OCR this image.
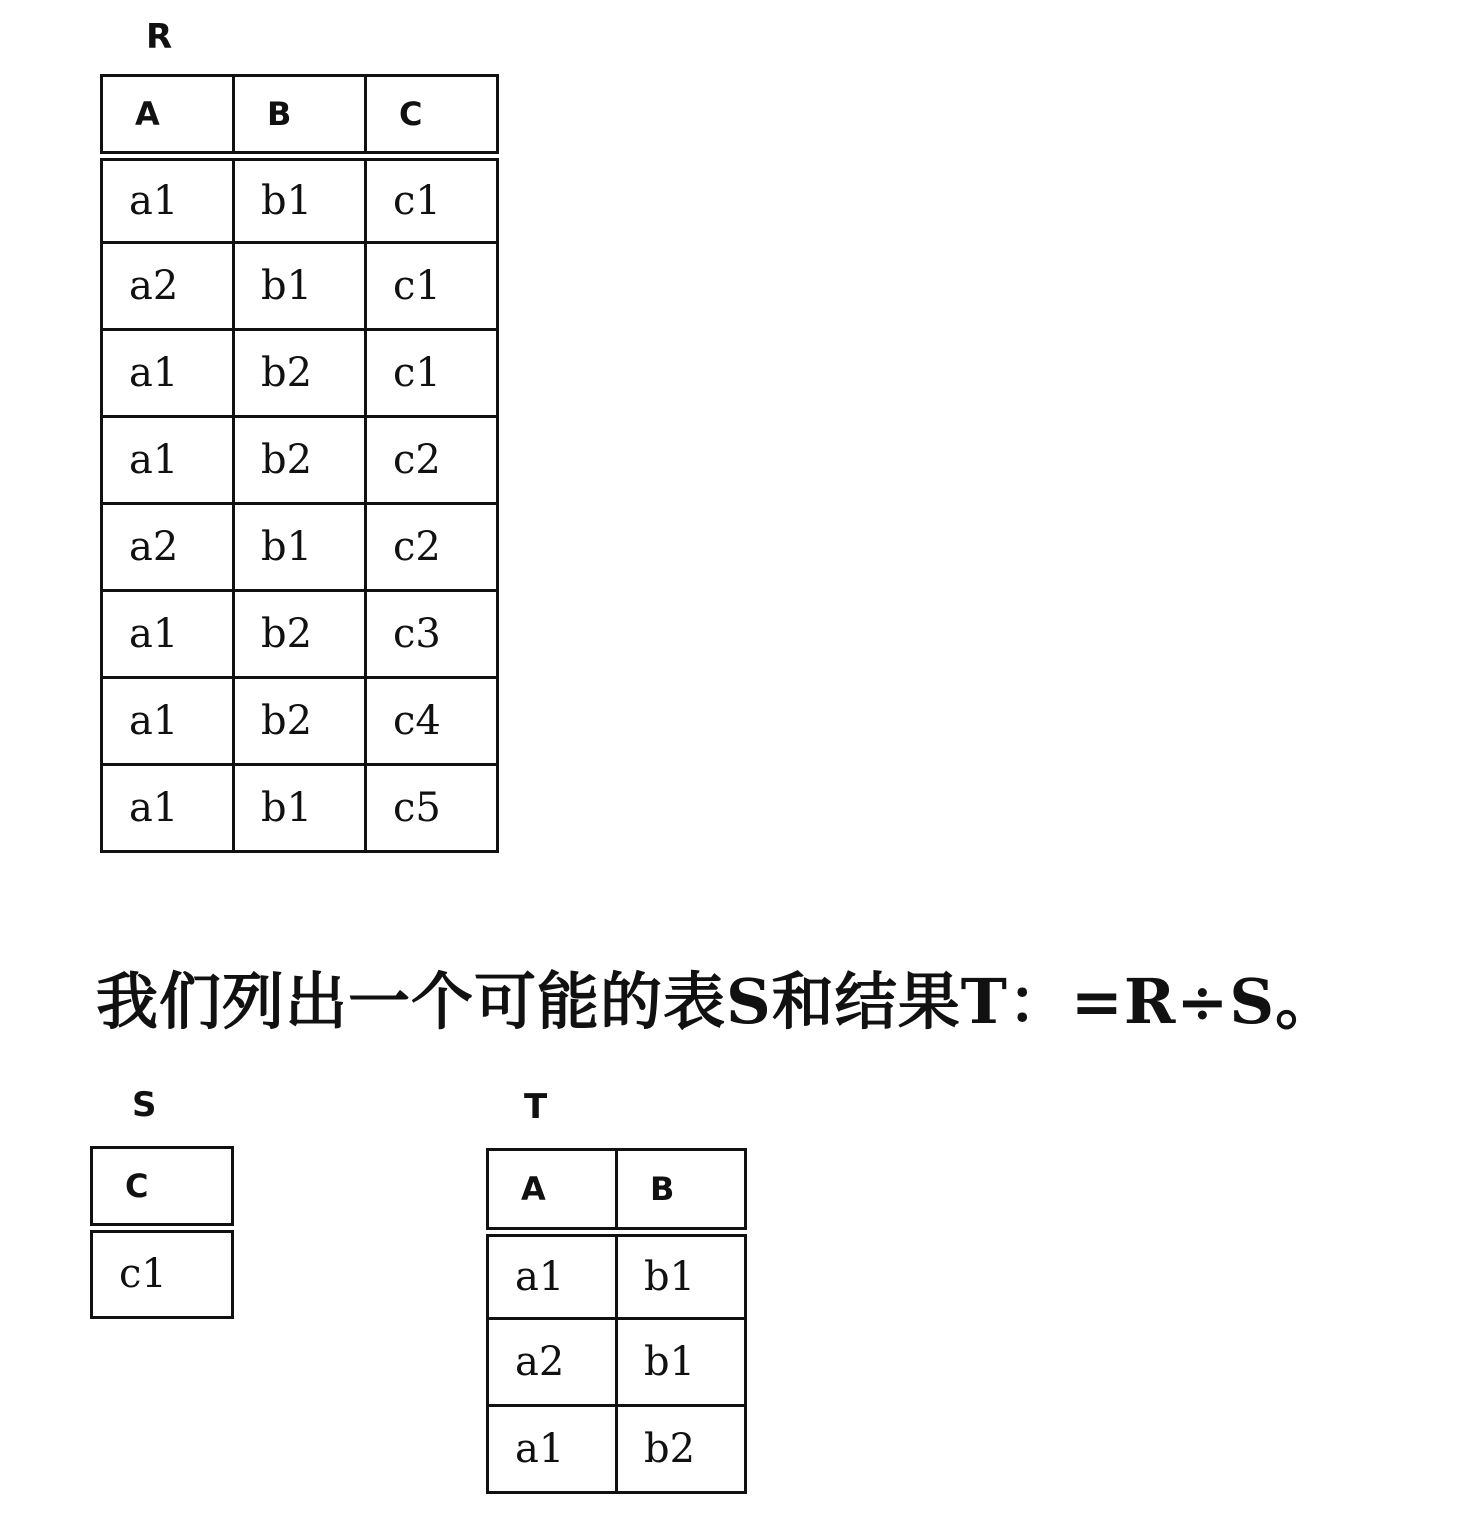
R
A	B	C
a1	b1	c1
a2	b1	c1
a1	b2	c1
a1	b2	c2
a2	b1	c2
a1	b2	c3
a1	b2	c4
a1	b1	c5
我们列出一个可能的表S和结果T：=R÷S。
S
C
c1
T
A	B
a1	b1
a2	b1
a1	b2
